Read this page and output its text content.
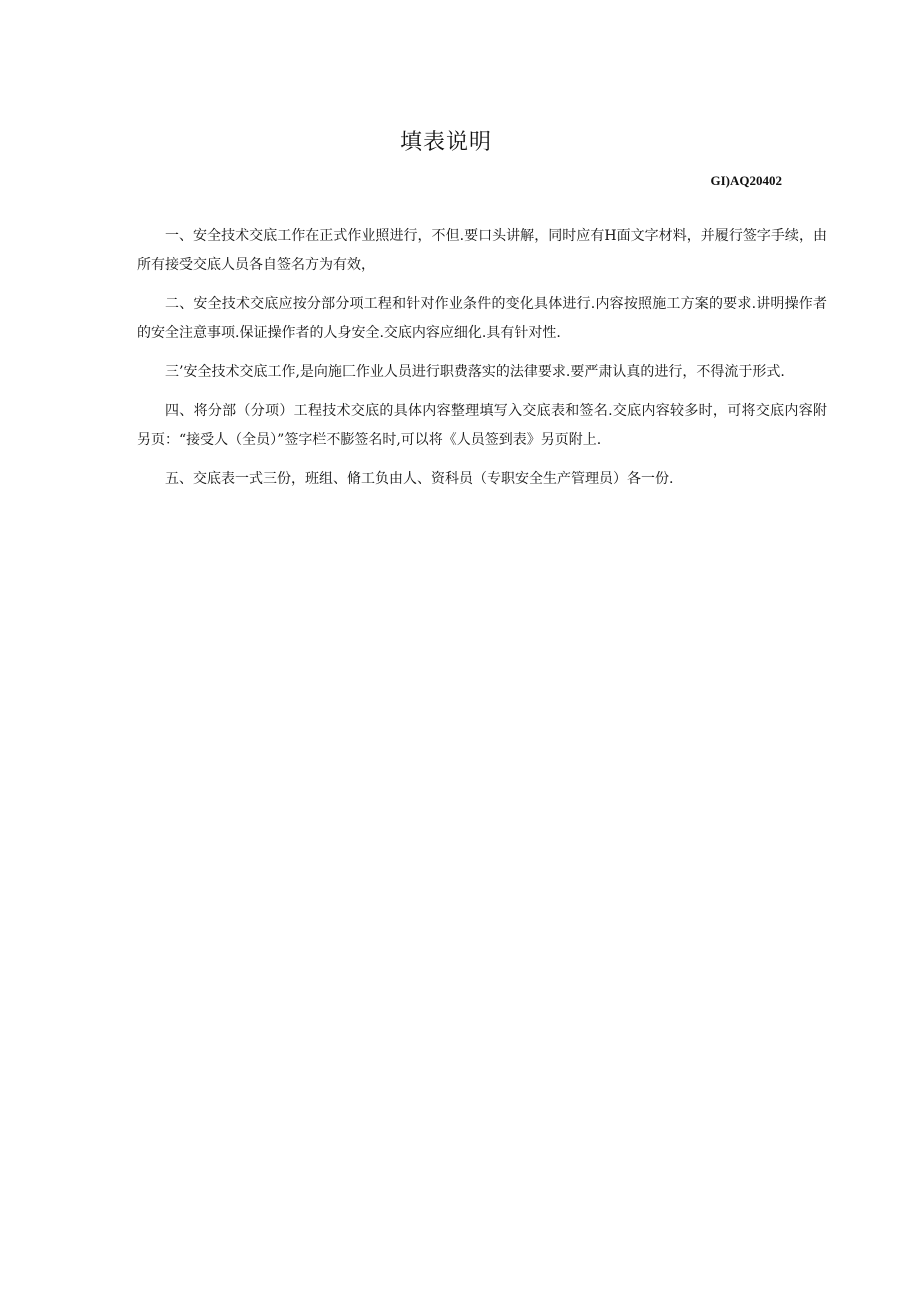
填表说明
GI)AQ20402

一、安全技术交底工作在正式作业照进行，不但.要口头讲解，同时应有H面文字材料，并履行签字手续，由所有接受交底人员各自签名方为有效，

二、安全技术交底应按分部分项工程和针对作业条件的变化具体进行.内容按照施工方案的要求.讲明操作者的安全注意事项.保证操作者的人身安全.交底内容应细化.具有针对性.

三’安全技术交底工作,是向施匚作业人员进行职费落实的法律要求.要严肃认真的进行，不得流于形式.

四、将分部（分项）工程技术交底的具体内容整理填写入交底表和签名.交底内容较多时，可将交底内容附另页：“接受人（全员）”签字栏不膨签名时,可以将《人员签到表》另页附上.

五、交底表一式三份，班组、脩工负由人、资科员（专职安全生产管理员）各一份.
